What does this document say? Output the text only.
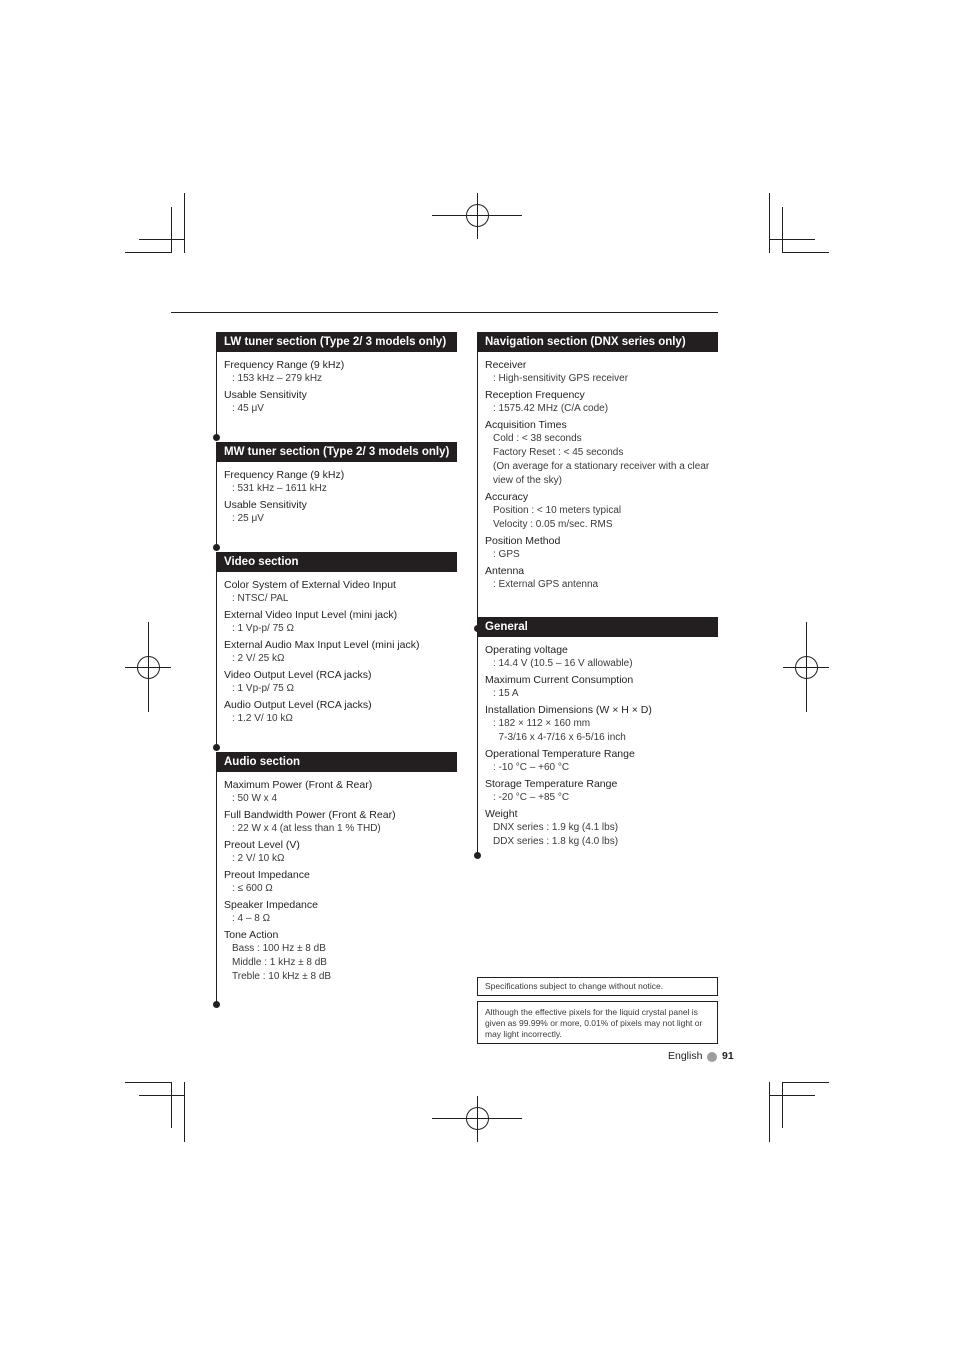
LW tuner section (Type 2/ 3 models only)
Frequency Range (9 kHz)
: 153 kHz – 279 kHz
Usable Sensitivity
: 45 μV
MW tuner section (Type 2/ 3 models only)
Frequency Range (9 kHz)
: 531 kHz – 1611 kHz
Usable Sensitivity
: 25 μV
Video section
Color System of External Video Input
: NTSC/ PAL
External Video Input Level (mini jack)
: 1 Vp-p/ 75 Ω
External Audio Max Input Level (mini jack)
: 2 V/ 25 kΩ
Video Output Level (RCA jacks)
: 1 Vp-p/ 75 Ω
Audio Output Level (RCA jacks)
: 1.2 V/ 10 kΩ
Audio section
Maximum Power (Front & Rear)
: 50 W x 4
Full Bandwidth Power (Front & Rear)
: 22 W x 4 (at less than 1 % THD)
Preout Level (V)
: 2 V/ 10 kΩ
Preout Impedance
: ≤ 600 Ω
Speaker Impedance
: 4 – 8 Ω
Tone Action
Bass : 100 Hz ± 8 dB
Middle : 1 kHz ± 8 dB
Treble : 10 kHz ± 8 dB
Navigation section (DNX series only)
Receiver
: High-sensitivity GPS receiver
Reception Frequency
: 1575.42 MHz (C/A code)
Acquisition Times
Cold : < 38 seconds
Factory Reset : < 45 seconds
(On average for a stationary receiver with a clear view of the sky)
Accuracy
Position : < 10 meters typical
Velocity : 0.05 m/sec. RMS
Position Method
: GPS
Antenna
: External GPS antenna
General
Operating voltage
: 14.4 V (10.5 – 16 V allowable)
Maximum Current Consumption
: 15 A
Installation Dimensions (W × H × D)
: 182 × 112 × 160 mm
7-3/16 x 4-7/16 x 6-5/16 inch
Operational Temperature Range
: -10 °C – +60 °C
Storage Temperature Range
: -20 °C – +85 °C
Weight
DNX series : 1.9 kg (4.1 lbs)
DDX series : 1.8 kg (4.0 lbs)
Specifications subject to change without notice.
Although the effective pixels for the liquid crystal panel is given as 99.99% or more, 0.01% of pixels may not light or may light incorrectly.
English 91
